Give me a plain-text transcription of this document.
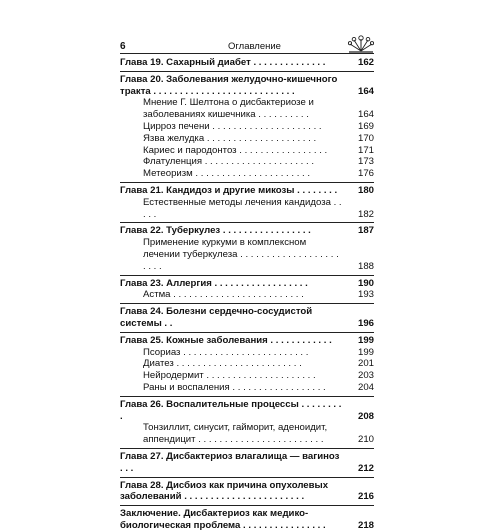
6	Оглавление
Глава 19. Сахарный диабет . . . . . . . . . . . . . .	162
Глава 20. Заболевания желудочно-кишечного тракта . . . . . . . . . . . . . . . . . . . . . . . . . . .	164
Мнение Г. Шелтона о дисбактериозе и заболеваниях кишечника . . . . . . . . . .	164
Цирроз печени . . . . . . . . . . . . . . . . . . . . .	169
Язва желудка . . . . . . . . . . . . . . . . . . . . .	170
Кариес и пародонтоз . . . . . . . . . . . . . . . . .	171
Флатуленция . . . . . . . . . . . . . . . . . . . . .	173
Метеоризм . . . . . . . . . . . . . . . . . . . . . .	176
Глава 21. Кандидоз и другие микозы . . . . . . . .	180
Естественные методы лечения кандидоза . . . . .	182
Глава 22. Туберкулез . . . . . . . . . . . . . . . . .	187
Применение куркуми в комплексном лечении туберкулеза . . . . . . . . . . . . . . . . . . . . . . .	188
Глава 23. Аллергия . . . . . . . . . . . . . . . . . .	190
Астма . . . . . . . . . . . . . . . . . . . . . . . . .	193
Глава 24. Болезни сердечно-сосудистой системы . .	196
Глава 25. Кожные заболевания . . . . . . . . . . . .	199
Псориаз . . . . . . . . . . . . . . . . . . . . . . . .	199
Диатез . . . . . . . . . . . . . . . . . . . . . . . .	201
Нейродермит . . . . . . . . . . . . . . . . . . . . .	203
Раны и воспаления . . . . . . . . . . . . . . . . . .	204
Глава 26. Воспалительные процессы . . . . . . . . .	208
Тонзиллит, синусит, гайморит, аденоидит, аппендицит . . . . . . . . . . . . . . . . . . . . . . . .	210
Глава 27. Дисбактериоз влагалища — вагиноз . . .	212
Глава 28. Дисбиоз как причина опухолевых заболеваний . . . . . . . . . . . . . . . . . . . . . . .	216
Заключение. Дисбактериоз как медико-биологическая проблема . . . . . . . . . . . . . . . .	218
